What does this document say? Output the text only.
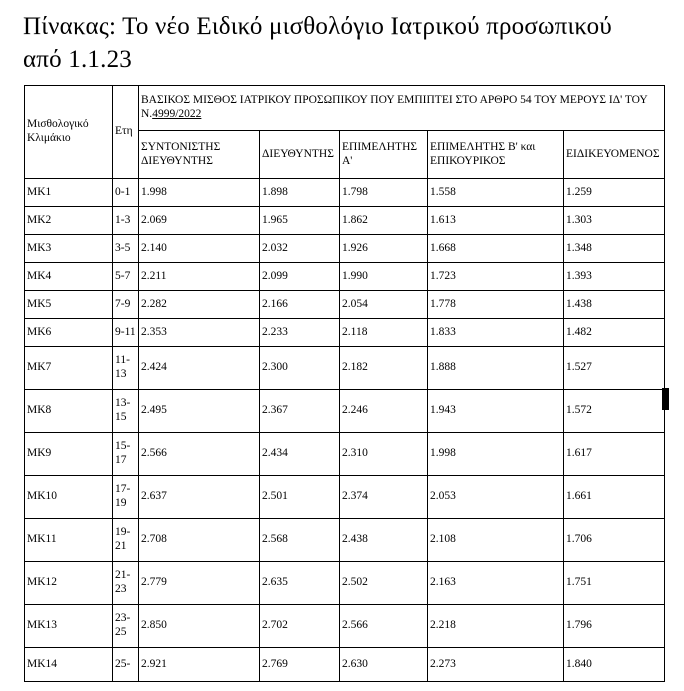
Πίνακας: Το νέο Ειδικό μισθολόγιο Ιατρικού προσωπικού
από 1.1.23

Μισθολογικό Κλιμάκιο	Ετη	ΒΑΣΙΚΟΣ ΜΙΣΘΟΣ ΙΑΤΡΙΚΟΥ ΠΡΟΣΩΠΙΚΟΥ ΠΟΥ ΕΜΠΙΠΤΕΙ ΣΤΟ ΑΡΘΡΟ 54 ΤΟΥ ΜΕΡΟΥΣ ΙΔ' ΤΟΥ Ν.4999/2022				
		ΣΥΝΤΟΝΙΣΤΗΣ ΔΙΕΥΘΥΝΤΗΣ	ΔΙΕΥΘΥΝΤΗΣ	ΕΠΙΜΕΛΗΤΗΣ Α'	ΕΠΙΜΕΛΗΤΗΣ Β' και ΕΠΙΚΟΥΡΙΚΟΣ	ΕΙΔΙΚΕΥΟΜΕΝΟΣ
ΜΚ1	0-1	1.998	1.898	1.798	1.558	1.259
ΜΚ2	1-3	2.069	1.965	1.862	1.613	1.303
ΜΚ3	3-5	2.140	2.032	1.926	1.668	1.348
ΜΚ4	5-7	2.211	2.099	1.990	1.723	1.393
ΜΚ5	7-9	2.282	2.166	2.054	1.778	1.438
ΜΚ6	9-11	2.353	2.233	2.118	1.833	1.482
ΜΚ7	11-13	2.424	2.300	2.182	1.888	1.527
ΜΚ8	13-15	2.495	2.367	2.246	1.943	1.572
ΜΚ9	15-17	2.566	2.434	2.310	1.998	1.617
ΜΚ10	17-19	2.637	2.501	2.374	2.053	1.661
ΜΚ11	19-21	2.708	2.568	2.438	2.108	1.706
ΜΚ12	21-23	2.779	2.635	2.502	2.163	1.751
ΜΚ13	23-25	2.850	2.702	2.566	2.218	1.796
ΜΚ14	25-	2.921	2.769	2.630	2.273	1.840
